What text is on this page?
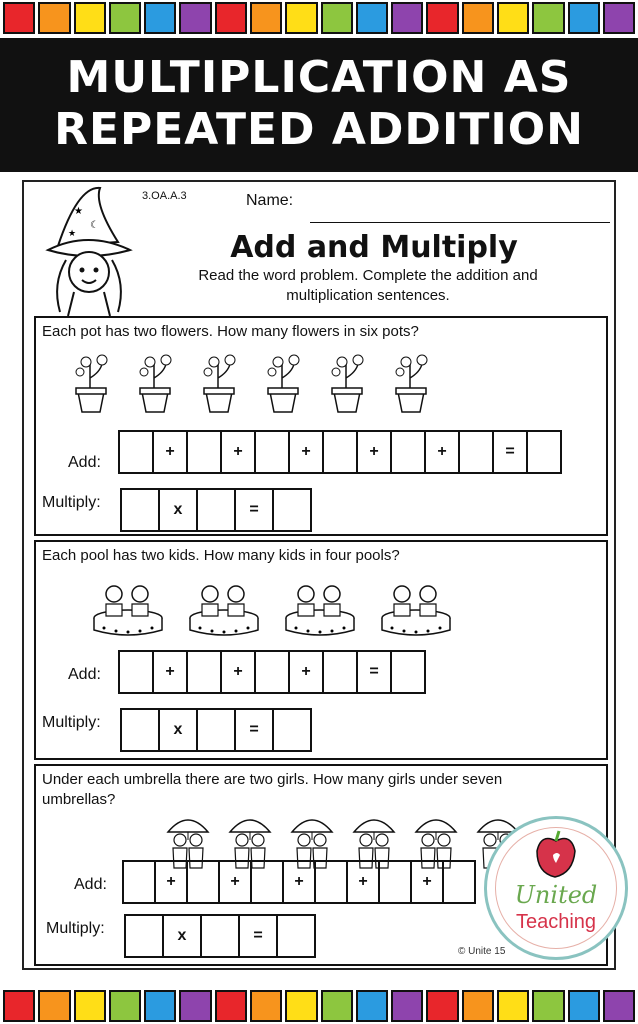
MULTIPLICATION AS
REPEATED ADDITION
★
☾
★
3.OA.A.3	Name:
Add and Multiply
Read the word problem. Complete the addition and
multiplication sentences.
Each pot has two flowers. How many flowers in six pots?
Add:
+	+	+	+	+	=
Multiply:	x	=
Each pool has two kids. How many kids in four pools?
Add:	+	+	+	=
Multiply:	x	=
Under each umbrella there are two girls. How many girls under seven
umbrellas?
Add:	+	+	+	+	+
Multiply:	x	=
United
Teaching
© Unite 15
